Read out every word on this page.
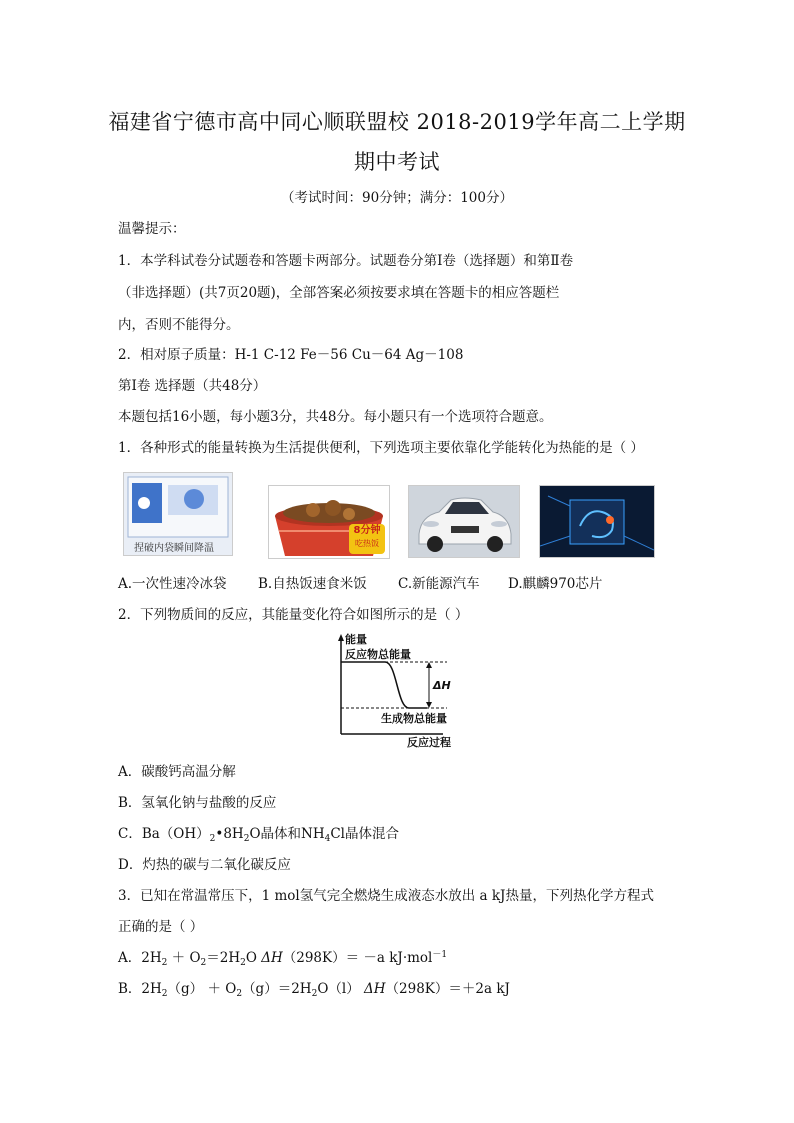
福建省宁德市高中同心顺联盟校 2018-2019学年高二上学期
期中考试
（考试时间：90分钟；满分：100分）
温馨提示：
1．本学科试卷分试题卷和答题卡两部分。试题卷分第Ⅰ卷（选择题）和第Ⅱ卷
（非选择题）(共7页20题)，全部答案必须按要求填在答题卡的相应答题栏
内，否则不能得分。
2．相对原子质量：H-1 C-12 Fe－56 Cu－64 Ag－108
第Ⅰ卷 选择题（共48分）
本题包括16小题，每小题3分，共48分。每小题只有一个选项符合题意。
1．各种形式的能量转换为生活提供便利，下列选项主要依靠化学能转化为热能的是（ ）
捏破内袋瞬间降温
8分钟
吃热饭
A.一次性速冷冰袋 B.自热饭速食米饭 C.新能源汽车 D.麒麟970芯片
2．下列物质间的反应，其能量变化符合如图所示的是（ ）
能量
反应物总能量
ΔH
生成物总能量
反应过程
A．碳酸钙高温分解
B．氢氧化钠与盐酸的反应
C．$Ba(OH)_2•8H_2O$晶体和$NH_4Cl$晶体混合
D．灼热的碳与二氧化碳反应
3．已知在常温常压下，1 mol氢气完全燃烧生成液态水放出 a kJ热量，下列热化学方程式
正确的是（ ）
A．$2H_2 + O_2=2H_2O$ ΔH（298K）＝ －a kJ·mol$^{-1}$
B．$2H_2(g) + O_2(g)=2H_2O(l)$ ΔH（298K）＝＋2a kJ
